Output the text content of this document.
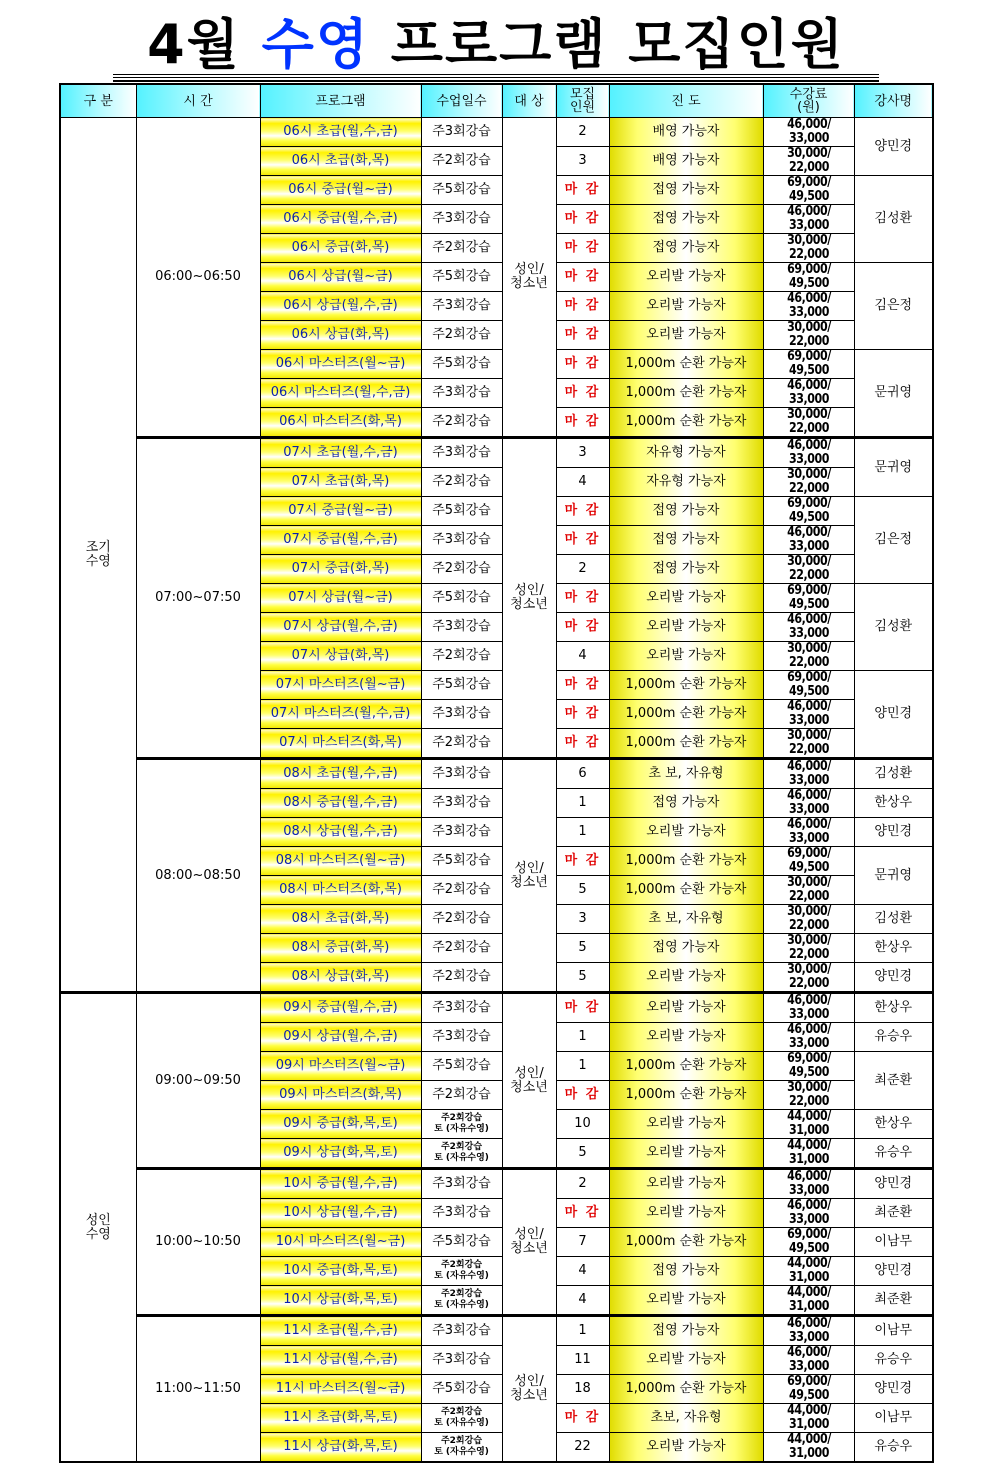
4월 수영 프로그램 모집인원
구 분	시 간	프로그램	수업일수	대 상	모집
인원	진 도	수강료
(원)	강사명
조기
수영	06:00~06:50	06시 초급(월,수,금)	주3회강습	성인/
청소년	2	배영 가능자	46,000/
33,000	양민경
		06시 초급(화,목)	주2회강습		3	배영 가능자	30,000/
22,000	

		06시 중급(월~금)	주5회강습		마 감	접영 가능자	69,000/
49,500	김성환
		06시 중급(월,수,금)	주3회강습		마 감	접영 가능자	46,000/
33,000	

		06시 중급(화,목)	주2회강습		마 감	접영 가능자	30,000/
22,000	

		06시 상급(월~금)	주5회강습		마 감	오리발 가능자	69,000/
49,500	김은정
		06시 상급(월,수,금)	주3회강습		마 감	오리발 가능자	46,000/
33,000	

		06시 상급(화,목)	주2회강습		마 감	오리발 가능자	30,000/
22,000	

		06시 마스터즈(월~금)	주5회강습		마 감	1,000m 순환 가능자	69,000/
49,500	문귀영
		06시 마스터즈(월,수,금)	주3회강습		마 감	1,000m 순환 가능자	46,000/
33,000	

		06시 마스터즈(화,목)	주2회강습		마 감	1,000m 순환 가능자	30,000/
22,000	

	07:00~07:50	07시 초급(월,수,금)	주3회강습	성인/
청소년	3	자유형 가능자	46,000/
33,000	문귀영
		07시 초급(화,목)	주2회강습		4	자유형 가능자	30,000/
22,000	

		07시 중급(월~금)	주5회강습		마 감	접영 가능자	69,000/
49,500	김은정
		07시 중급(월,수,금)	주3회강습		마 감	접영 가능자	46,000/
33,000	

		07시 중급(화,목)	주2회강습		2	접영 가능자	30,000/
22,000	

		07시 상급(월~금)	주5회강습		마 감	오리발 가능자	69,000/
49,500	김성환
		07시 상급(월,수,금)	주3회강습		마 감	오리발 가능자	46,000/
33,000	

		07시 상급(화,목)	주2회강습		4	오리발 가능자	30,000/
22,000	

		07시 마스터즈(월~금)	주5회강습		마 감	1,000m 순환 가능자	69,000/
49,500	양민경
		07시 마스터즈(월,수,금)	주3회강습		마 감	1,000m 순환 가능자	46,000/
33,000	

		07시 마스터즈(화,목)	주2회강습		마 감	1,000m 순환 가능자	30,000/
22,000	

	08:00~08:50	08시 초급(월,수,금)	주3회강습	성인/
청소년	6	초 보, 자유형	46,000/
33,000	김성환
		08시 중급(월,수,금)	주3회강습		1	접영 가능자	46,000/
33,000	한상우
		08시 상급(월,수,금)	주3회강습		1	오리발 가능자	46,000/
33,000	양민경
		08시 마스터즈(월~금)	주5회강습		마 감	1,000m 순환 가능자	69,000/
49,500	문귀영
		08시 마스터즈(화,목)	주2회강습		5	1,000m 순환 가능자	30,000/
22,000	

		08시 초급(화,목)	주2회강습		3	초 보, 자유형	30,000/
22,000	김성환
		08시 중급(화,목)	주2회강습		5	접영 가능자	30,000/
22,000	한상우
		08시 상급(화,목)	주2회강습		5	오리발 가능자	30,000/
22,000	양민경
성인
수영	09:00~09:50	09시 중급(월,수,금)	주3회강습	성인/
청소년	마 감	오리발 가능자	46,000/
33,000	한상우
		09시 상급(월,수,금)	주3회강습		1	오리발 가능자	46,000/
33,000	유승우
		09시 마스터즈(월~금)	주5회강습		1	1,000m 순환 가능자	69,000/
49,500	최준환
		09시 마스터즈(화,목)	주2회강습		마 감	1,000m 순환 가능자	30,000/
22,000	

		09시 중급(화,목,토)	주2회강습
토 (자유수영)		10	오리발 가능자	44,000/
31,000	한상우
		09시 상급(화,목,토)	주2회강습
토 (자유수영)		5	오리발 가능자	44,000/
31,000	유승우
	10:00~10:50	10시 중급(월,수,금)	주3회강습	성인/
청소년	2	오리발 가능자	46,000/
33,000	양민경
		10시 상급(월,수,금)	주3회강습		마 감	오리발 가능자	46,000/
33,000	최준환
		10시 마스터즈(월~금)	주5회강습		7	1,000m 순환 가능자	69,000/
49,500	이남무
		10시 중급(화,목,토)	주2회강습
토 (자유수영)		4	접영 가능자	44,000/
31,000	양민경
		10시 상급(화,목,토)	주2회강습
토 (자유수영)		4	오리발 가능자	44,000/
31,000	최준환
	11:00~11:50	11시 초급(월,수,금)	주3회강습	성인/
청소년	1	접영 가능자	46,000/
33,000	이남무
		11시 상급(월,수,금)	주3회강습		11	오리발 가능자	46,000/
33,000	유승우
		11시 마스터즈(월~금)	주5회강습		18	1,000m 순환 가능자	69,000/
49,500	양민경
		11시 초급(화,목,토)	주2회강습
토 (자유수영)		마 감	초보, 자유형	44,000/
31,000	이남무
		11시 상급(화,목,토)	주2회강습
토 (자유수영)		22	오리발 가능자	44,000/
31,000	유승우
